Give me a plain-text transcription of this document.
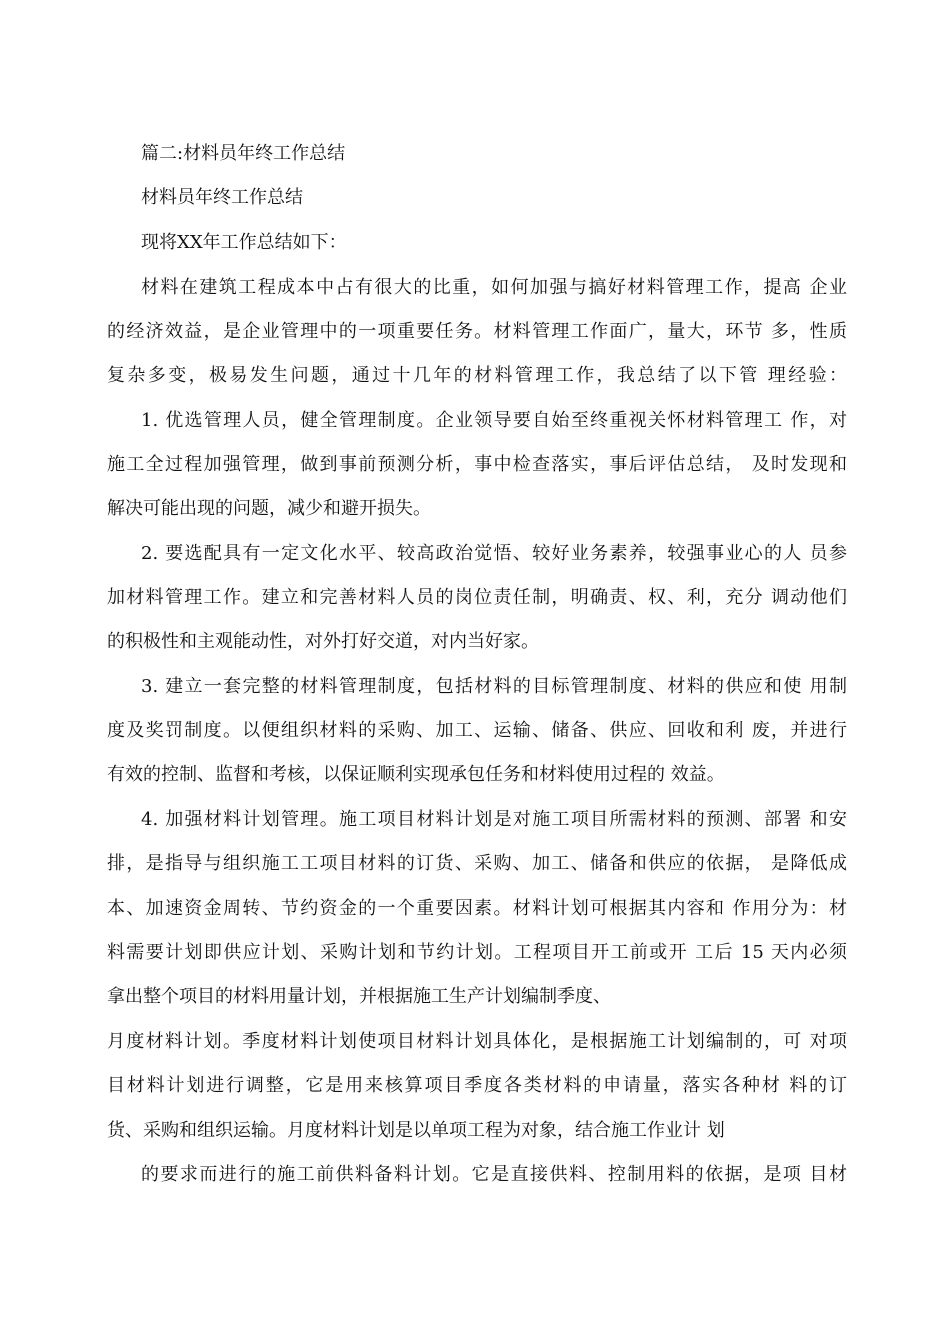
篇二:材料员年终工作总结
材料员年终工作总结
现将XX年工作总结如下：
材料在建筑工程成本中占有很大的比重，如何加强与搞好材料管理工作，提高 企业
的经济效益，是企业管理中的一项重要任务。材料管理工作面广，量大，环节 多，性质
复杂多变，极易发生问题，通过十几年的材料管理工作，我总结了以下管 理经验：
1. 优选管理人员，健全管理制度。企业领导要自始至终重视关怀材料管理工 作，对
施工全过程加强管理，做到事前预测分析，事中检查落实，事后评估总结， 及时发现和
解决可能出现的问题，减少和避开损失。
2. 要选配具有一定文化水平、较高政治觉悟、较好业务素养，较强事业心的人 员参
加材料管理工作。建立和完善材料人员的岗位责任制，明确责、权、利，充分 调动他们
的积极性和主观能动性，对外打好交道，对内当好家。
3. 建立一套完整的材料管理制度，包括材料的目标管理制度、材料的供应和使 用制
度及奖罚制度。以便组织材料的采购、加工、运输、储备、供应、回收和利 废，并进行
有效的控制、监督和考核，以保证顺利实现承包任务和材料使用过程的 效益。
4. 加强材料计划管理。施工项目材料计划是对施工项目所需材料的预测、部署 和安
排，是指导与组织施工工项目材料的订货、采购、加工、储备和供应的依据， 是降低成
本、加速资金周转、节约资金的一个重要因素。材料计划可根据其内容和 作用分为：材
料需要计划即供应计划、采购计划和节约计划。工程项目开工前或开 工后 15 天内必须
拿出整个项目的材料用量计划，并根据施工生产计划编制季度、
月度材料计划。季度材料计划使项目材料计划具体化，是根据施工计划编制的，可 对项
目材料计划进行调整，它是用来核算项目季度各类材料的申请量，落实各种材 料的订
货、采购和组织运输。月度材料计划是以单项工程为对象，结合施工作业计 划
的要求而进行的施工前供料备料计划。它是直接供料、控制用料的依据，是项 目材
